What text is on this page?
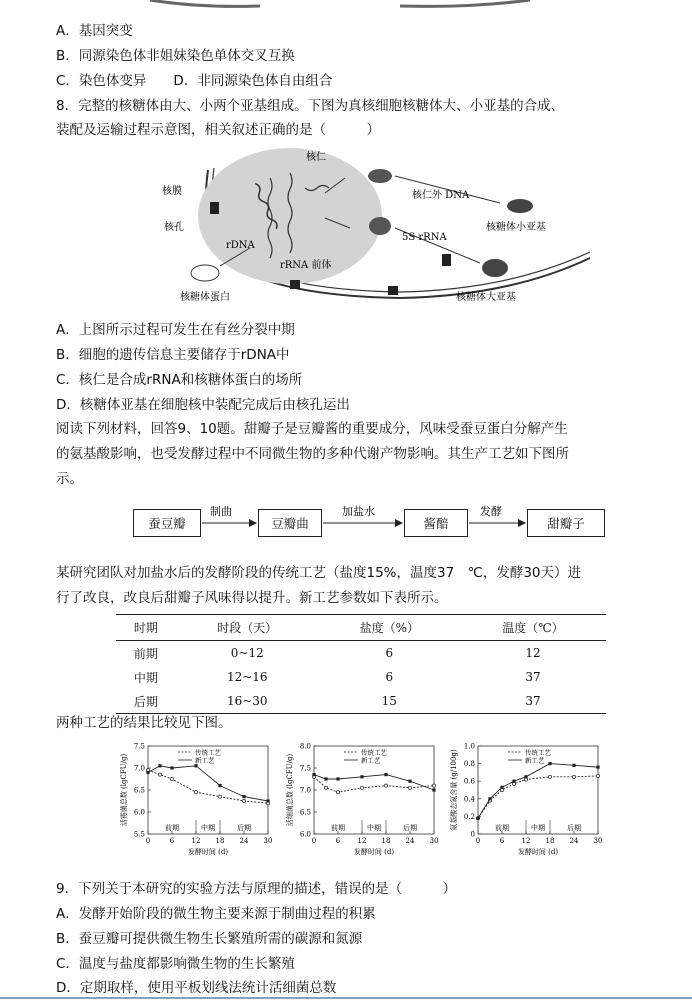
A．基因突变
B．同源染色体非姐妹染色单体交叉互换
C．染色体变异　　D．非同源染色体自由组合
8．完整的核糖体由大、小两个亚基组成。下图为真核细胞核糖体大、小亚基的合成、
装配及运输过程示意图，相关叙述正确的是（　　　）
核仁
核膜
核孔
rDNA
rRNA 前体
核仁外 DNA
5S rRNA
核糖体小亚基
核糖体大亚基
核糖体蛋白
A．上图所示过程可发生在有丝分裂中期
B．细胞的遗传信息主要储存于rDNA中
C．核仁是合成rRNA和核糖体蛋白的场所
D．核糖体亚基在细胞核中装配完成后由核孔运出
阅读下列材料，回答9、10题。甜瓣子是豆瓣酱的重要成分，风味受蚕豆蛋白分解产生
的氨基酸影响，也受发酵过程中不同微生物的多种代谢产物影响。其生产工艺如下图所
示。
蚕豆瓣	豆瓣曲	酱醅	甜瓣子
制曲	加盐水	发酵
某研究团队对加盐水后的发酵阶段的传统工艺（盐度15%，温度37　℃，发酵30天）进
行了改良，改良后甜瓣子风味得以提升。新工艺参数如下表所示。
时期	时段（天）	盐度（%）	温度（℃）
前期	0~12	6	12
中期	12~16	6	37
后期	16~30	15	37
两种工艺的结果比较见下图。
5.5
6.0
6.5
7.0
7.5
0	6 12 18 24 30
前期	中期	后期
发酵时间 (d)
活霉菌总数 (lgCFU/g)
传统工艺
新工艺
6.0
6.5
7.0
7.5
8.0
0	6 12 18 24 30
前期	中期	后期
发酵时间 (d)
活细菌总数 (lgCFU/g)
传统工艺
新工艺
0
0.2
0.4
0.6
0.8
1.0
0	6 12 18 24 30
前期	中期	后期
发酵时间 (d)
氨基酸态氮含量 (g/100g)	传统工艺
新工艺
9．下列关于本研究的实验方法与原理的描述，错误的是（　　　）
A．发酵开始阶段的微生物主要来源于制曲过程的积累
B．蚕豆瓣可提供微生物生长繁殖所需的碳源和氮源
C．温度与盐度都影响微生物的生长繁殖
D．定期取样，使用平板划线法统计活细菌总数
